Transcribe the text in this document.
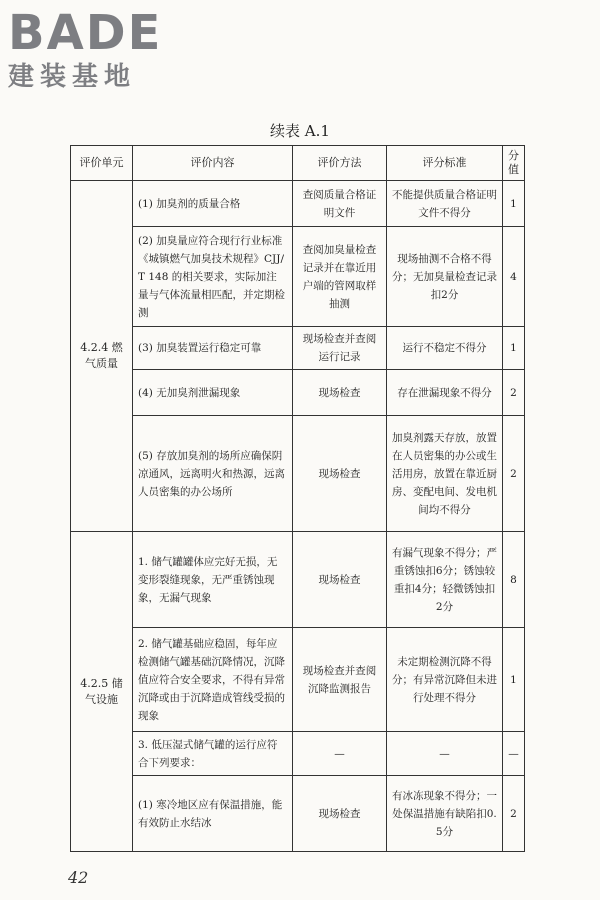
BADE
建装基地
续表 A.1
评价单元	评价内容	评价方法	评分标准	分值
4.2.4 燃气质量	(1) 加臭剂的质量合格	查阅质量合格证明文件	不能提供质量合格证明文件不得分	1
	(2) 加臭量应符合现行行业标准《城镇燃气加臭技术规程》CJJ/T 148 的相关要求，实际加注量与气体流量相匹配，并定期检测	查阅加臭量检查记录并在靠近用户端的管网取样抽测	现场抽测不合格不得分；无加臭量检查记录扣2分	4
	(3) 加臭装置运行稳定可靠	现场检查并查阅运行记录	运行不稳定不得分	1
	(4) 无加臭剂泄漏现象	现场检查	存在泄漏现象不得分	2
	(5) 存放加臭剂的场所应确保阴凉通风，远离明火和热源，远离人员密集的办公场所	现场检查	加臭剂露天存放，放置在人员密集的办公或生活用房，放置在靠近厨房、变配电间、发电机间均不得分	2
4.2.5 储气设施	1. 储气罐罐体应完好无损，无变形裂缝现象，无严重锈蚀现象，无漏气现象	现场检查	有漏气现象不得分；严重锈蚀扣6分；锈蚀较重扣4分；轻微锈蚀扣2分	8
	2. 储气罐基础应稳固，每年应检测储气罐基础沉降情况，沉降值应符合安全要求，不得有异常沉降或由于沉降造成管线受损的现象	现场检查并查阅沉降监测报告	未定期检测沉降不得分；有异常沉降但未进行处理不得分	1
	3. 低压湿式储气罐的运行应符合下列要求：	—	—	—
	(1) 寒冷地区应有保温措施，能有效防止水结冰	现场检查	有冰冻现象不得分；一处保温措施有缺陷扣0.5分	2
42
